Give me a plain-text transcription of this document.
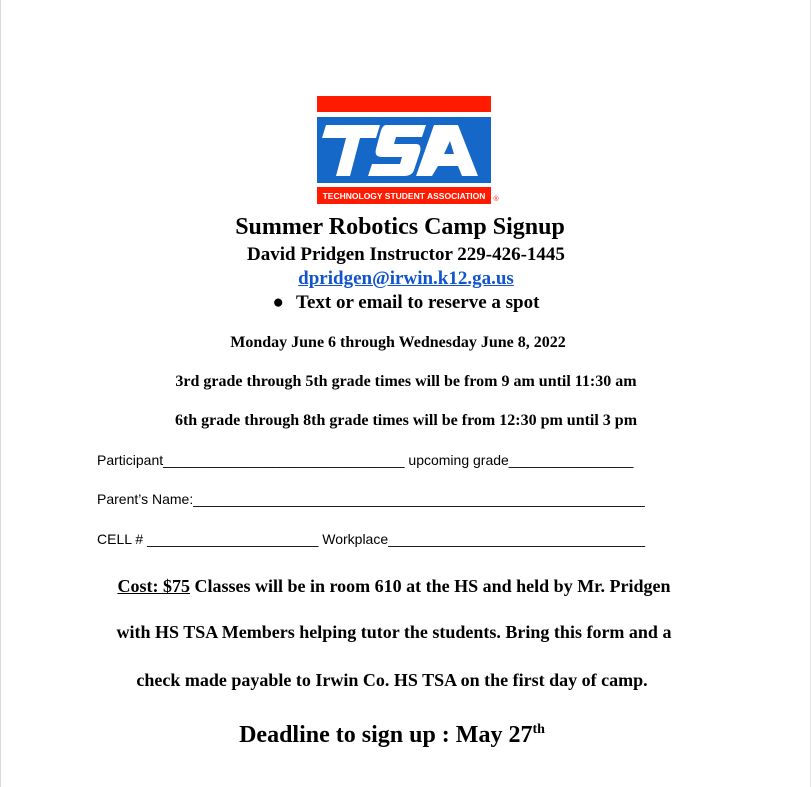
TECHNOLOGY STUDENT ASSOCIATION ®
Summer Robotics Camp Signup
David Pridgen Instructor 229-426-1445
dpridgen@irwin.k12.ga.us
● Text or email to reserve a spot
Monday June 6 through Wednesday June 8, 2022
3rd grade through 5th grade times will be from 9 am until 11:30 am
6th grade through 8th grade times will be from 12:30 pm until 3 pm
Participant_______________________________ upcoming grade________________
Parent’s Name:__________________________________________________________
CELL # ______________________ Workplace_________________________________
Cost: $75 Classes will be in room 610 at the HS and held by Mr. Pridgen
with HS TSA Members helping tutor the students. Bring this form and a
check made payable to Irwin Co. HS TSA on the first day of camp.
Deadline to sign up : May 27th
